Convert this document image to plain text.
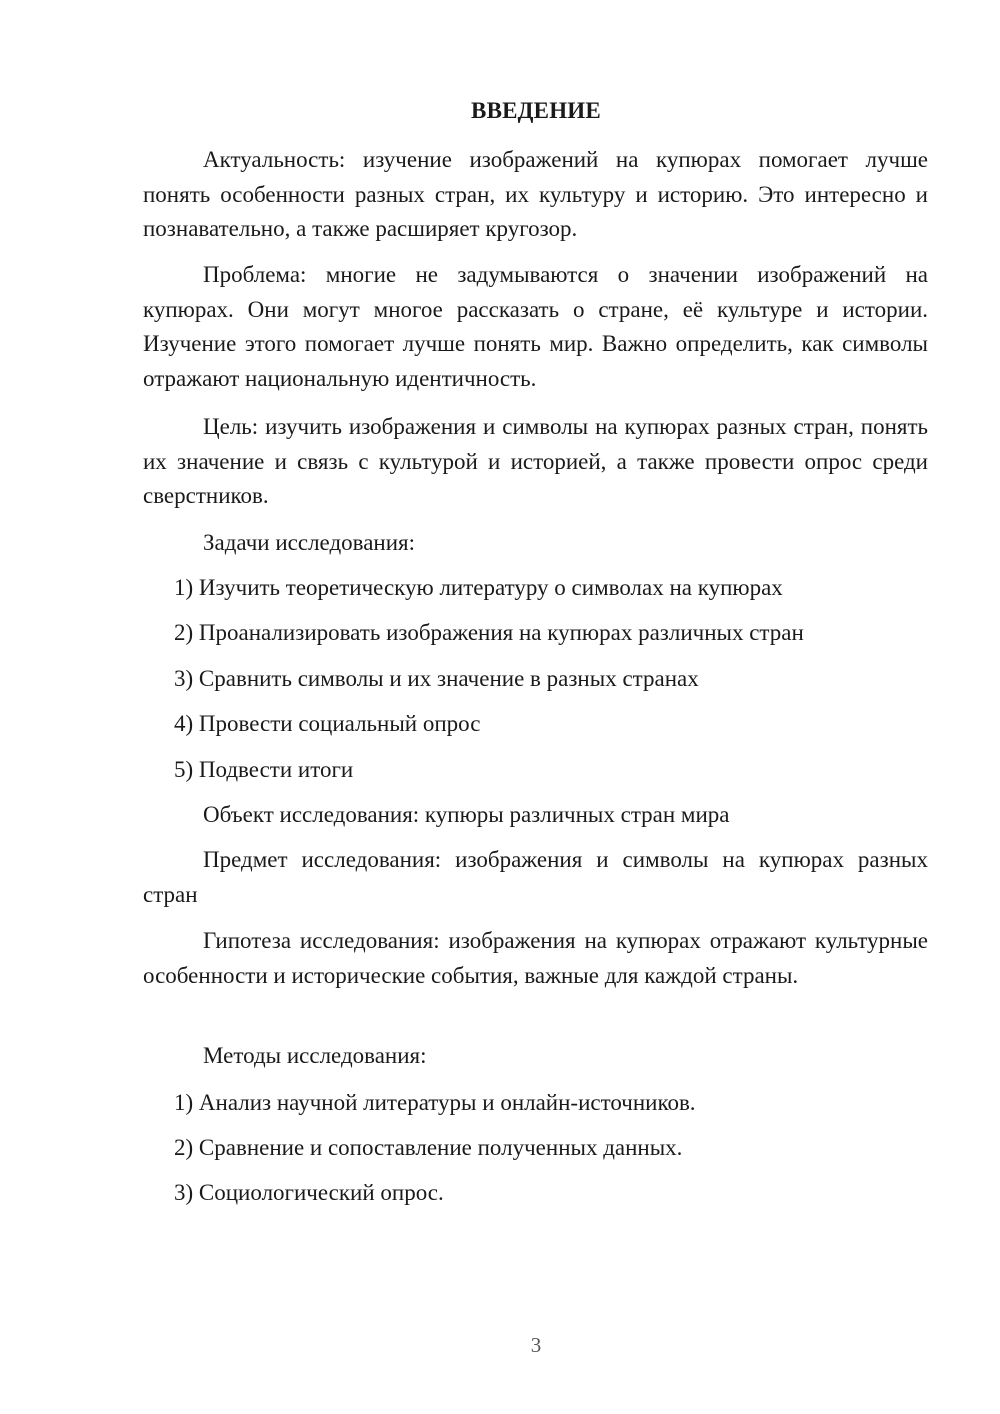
ВВЕДЕНИЕ
Актуальность: изучение изображений на купюрах помогает лучше понять особенности разных стран, их культуру и историю. Это интересно и познавательно, а также расширяет кругозор.
Проблема: многие не задумываются о значении изображений на купюрах. Они могут многое рассказать о стране, её культуре и истории. Изучение этого помогает лучше понять мир. Важно определить, как символы отражают национальную идентичность.
Цель: изучить изображения и символы на купюрах разных стран, понять их значение и связь с культурой и историей, а также провести опрос среди сверстников.
Задачи исследования:
1) Изучить теоретическую литературу о символах на купюрах
2) Проанализировать изображения на купюрах различных стран
3) Сравнить символы и их значение в разных странах
4) Провести социальный опрос
5) Подвести итоги
Объект исследования: купюры различных стран мира
Предмет исследования: изображения и символы на купюрах разных стран
Гипотеза исследования: изображения на купюрах отражают культурные особенности и исторические события, важные для каждой страны.
Методы исследования:
1) Анализ научной литературы и онлайн-источников.
2) Сравнение и сопоставление полученных данных.
3) Социологический опрос.
3
